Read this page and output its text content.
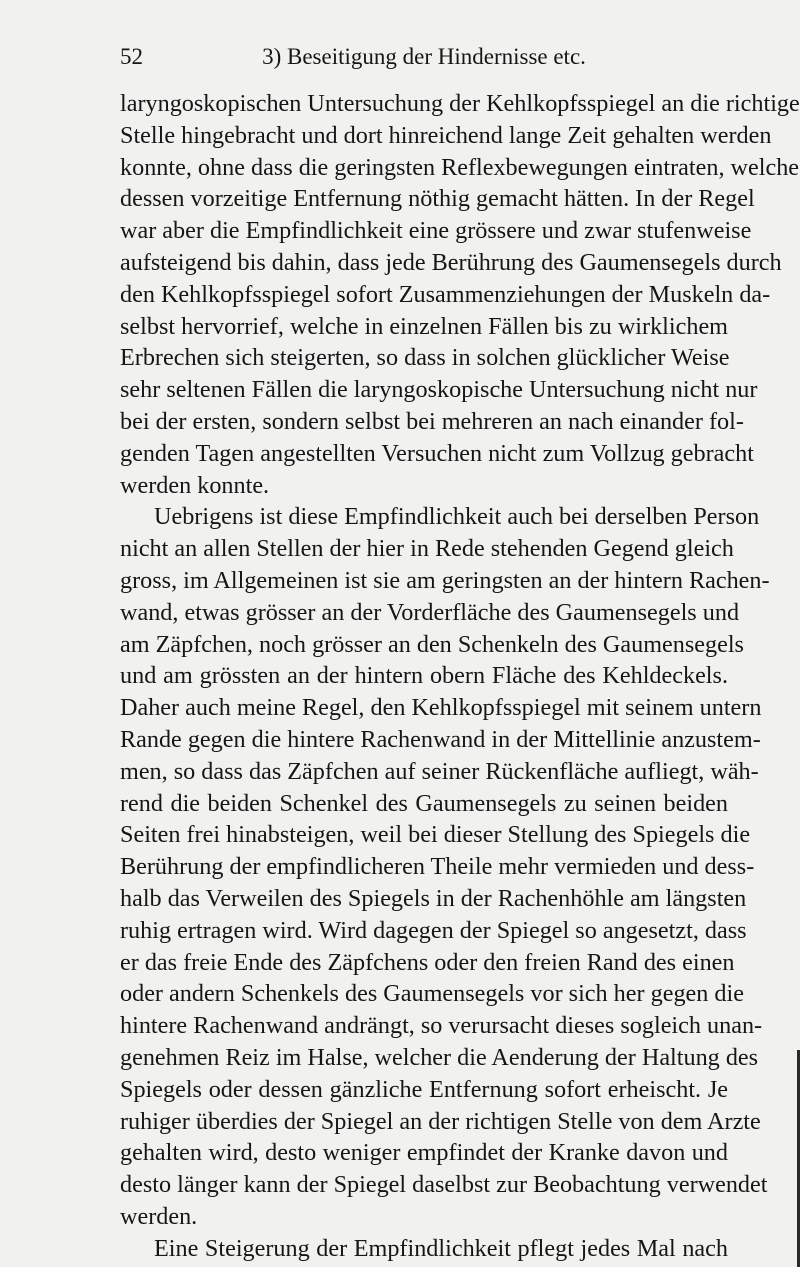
52	3) Beseitigung der Hindernisse etc.
laryngoskopischen Untersuchung der Kehlkopfsspiegel an die richtige
Stelle hingebracht und dort hinreichend lange Zeit gehalten werden
konnte, ohne dass die geringsten Reflexbewegungen eintraten, welche
dessen vorzeitige Entfernung nöthig gemacht hätten. In der Regel
war aber die Empfindlichkeit eine grössere und zwar stufenweise
aufsteigend bis dahin, dass jede Berührung des Gaumensegels durch
den Kehlkopfsspiegel sofort Zusammenziehungen der Muskeln da-
selbst hervorrief, welche in einzelnen Fällen bis zu wirklichem
Erbrechen sich steigerten, so dass in solchen glücklicher Weise
sehr seltenen Fällen die laryngoskopische Untersuchung nicht nur
bei der ersten, sondern selbst bei mehreren an nach einander fol-
genden Tagen angestellten Versuchen nicht zum Vollzug gebracht
werden konnte.
Uebrigens ist diese Empfindlichkeit auch bei derselben Person
nicht an allen Stellen der hier in Rede stehenden Gegend gleich
gross, im Allgemeinen ist sie am geringsten an der hintern Rachen-
wand, etwas grösser an der Vorderfläche des Gaumensegels und
am Zäpfchen, noch grösser an den Schenkeln des Gaumensegels
und am grössten an der hintern obern Fläche des Kehldeckels.
Daher auch meine Regel, den Kehlkopfsspiegel mit seinem untern
Rande gegen die hintere Rachenwand in der Mittellinie anzustem-
men, so dass das Zäpfchen auf seiner Rückenfläche aufliegt, wäh-
rend die beiden Schenkel des Gaumensegels zu seinen beiden
Seiten frei hinabsteigen, weil bei dieser Stellung des Spiegels die
Berührung der empfindlicheren Theile mehr vermieden und dess-
halb das Verweilen des Spiegels in der Rachenhöhle am längsten
ruhig ertragen wird. Wird dagegen der Spiegel so angesetzt, dass
er das freie Ende des Zäpfchens oder den freien Rand des einen
oder andern Schenkels des Gaumensegels vor sich her gegen die
hintere Rachenwand andrängt, so verursacht dieses sogleich unan-
genehmen Reiz im Halse, welcher die Aenderung der Haltung des
Spiegels oder dessen gänzliche Entfernung sofort erheischt. Je
ruhiger überdies der Spiegel an der richtigen Stelle von dem Arzte
gehalten wird, desto weniger empfindet der Kranke davon und
desto länger kann der Spiegel daselbst zur Beobachtung verwendet
werden.
Eine Steigerung der Empfindlichkeit pflegt jedes Mal nach
